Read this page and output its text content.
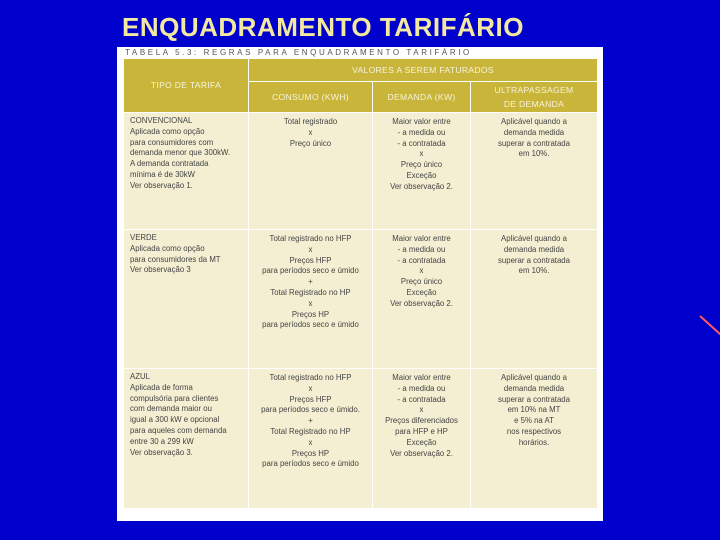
ENQUADRAMENTO TARIFÁRIO
TABELA 5.3: REGRAS PARA ENQUADRAMENTO TARIFÁRIO
TIPO DE TARIFA
VALORES A SEREM FATURADOS
CONSUMO (KWH)	DEMANDA (KW)
ULTRAPASSAGEM
DE DEMANDA
CONVENCIONAL
Aplicada como opção
para consumidores com
demanda menor que 300kW.
A demanda contratada
mínima é de 30kW
Ver observação 1.
Total registrado
x
Preço único
Maior valor entre
- a medida ou
- a contratada
x
Preço único
Exceção
Ver observação 2.
Aplicável quando a
demanda medida
superar a contratada
em 10%.
VERDE
Aplicada como opção
para consumidores da MT
Ver observação 3
Total registrado no HFP
x
Preços HFP
para períodos seco e úmido
+
Total Registrado no HP
x
Preços HP
para períodos seco e úmido
Maior valor entre
- a medida ou
- a contratada
x
Preço único
Exceção
Ver observação 2.
Aplicável quando a
demanda medida
superar a contratada
em 10%.
AZUL
Aplicada de forma
compulsória para clientes
com demanda maior ou
igual a 300 kW e opcional
para aqueles com demanda
entre 30 a 299 kW
Ver observação 3.
Total registrado no HFP
x
Preços HFP
para períodos seco e úmido.
+
Total Registrado no HP
x
Preços HP
para períodos seco e úmido
Maior valor entre
- a medida ou
- a contratada
x
Preços diferenciados
para HFP e HP
Exceção
Ver observação 2.
Aplicável quando a
demanda medida
superar a contratada
em 10% na MT
e 5% na AT
nos respectivos
horários.
